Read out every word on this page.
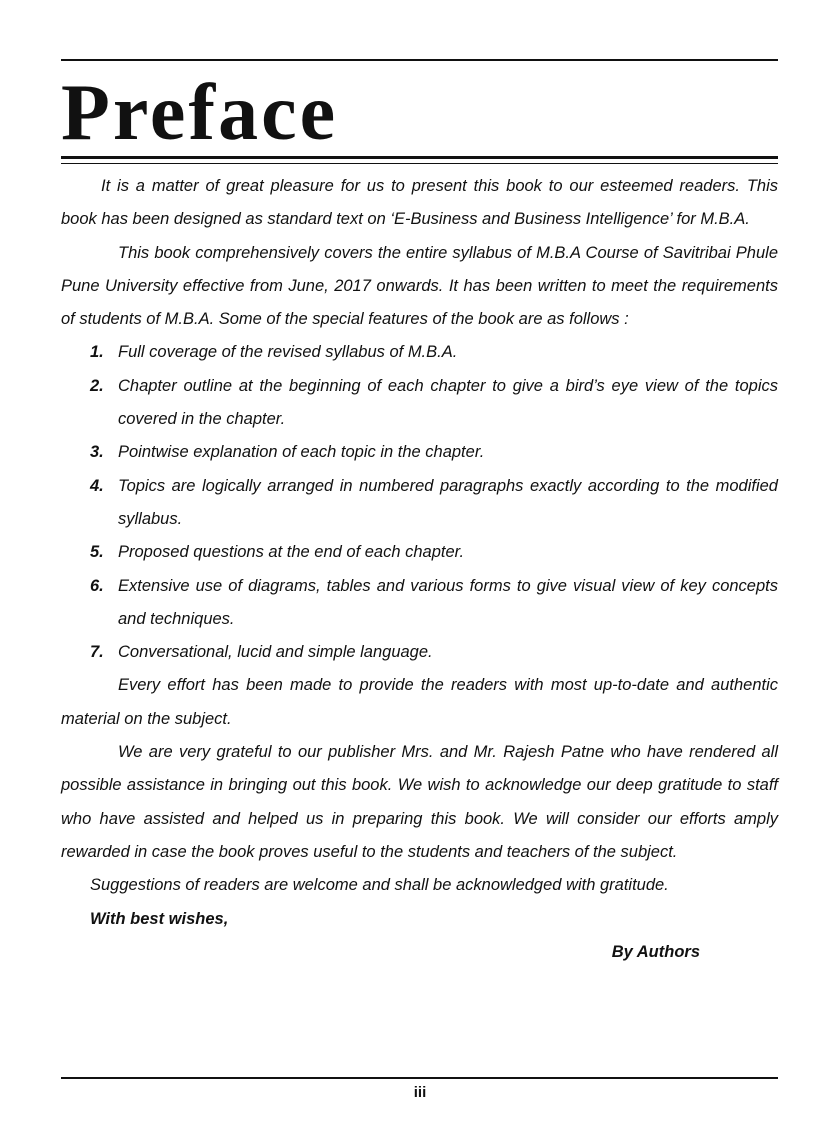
Preface

It is a matter of great pleasure for us to present this book to our esteemed readers. This book has been designed as standard text on ‘E-Business and Business Intelligence’ for M.B.A.

This book comprehensively covers the entire syllabus of M.B.A Course of Savitribai Phule Pune University effective from June, 2017 onwards. It has been written to meet the requirements of students of M.B.A. Some of the special features of the book are as follows :

1. Full coverage of the revised syllabus of M.B.A.
2. Chapter outline at the beginning of each chapter to give a bird’s eye view of the topics covered in the chapter.
3. Pointwise explanation of each topic in the chapter.
4. Topics are logically arranged in numbered paragraphs exactly according to the modified syllabus.
5. Proposed questions at the end of each chapter.
6. Extensive use of diagrams, tables and various forms to give visual view of key concepts and techniques.
7. Conversational, lucid and simple language.

Every effort has been made to provide the readers with most up-to-date and authentic material on the subject.

We are very grateful to our publisher Mrs. and Mr. Rajesh Patne who have rendered all possible assistance in bringing out this book. We wish to acknowledge our deep gratitude to staff who have assisted and helped us in preparing this book. We will consider our efforts amply rewarded in case the book proves useful to the students and teachers of the subject.

Suggestions of readers are welcome and shall be acknowledged with gratitude.

With best wishes,

By Authors

iii
